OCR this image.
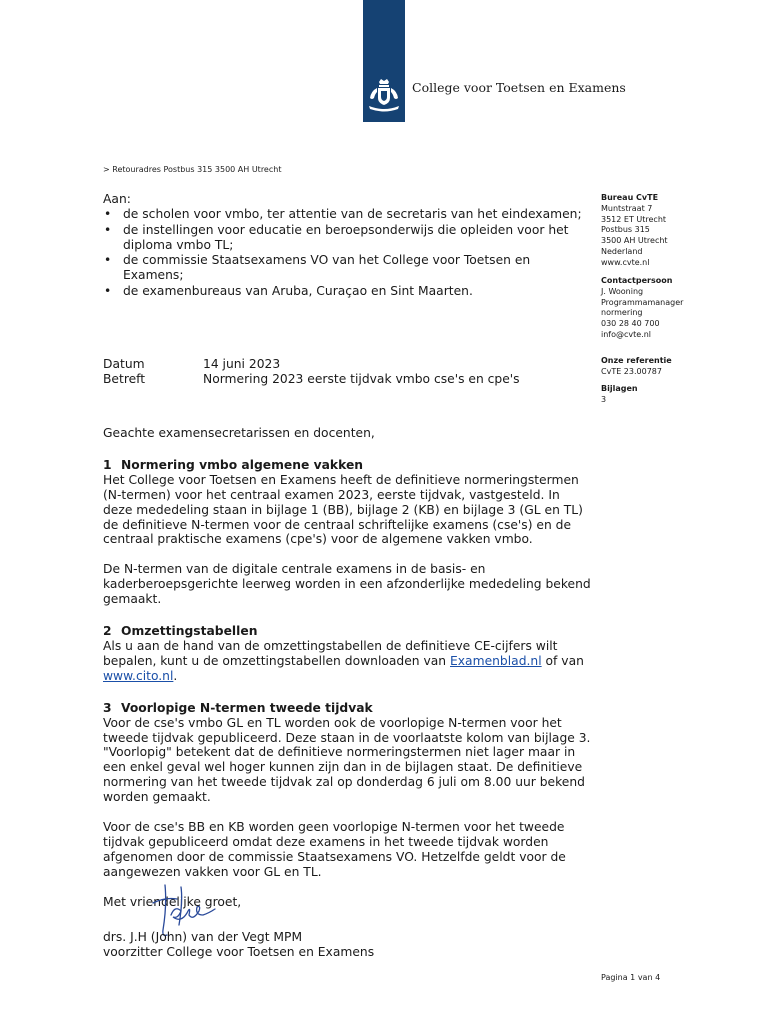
College voor Toetsen en Examens
> Retouradres Postbus 315 3500 AH Utrecht
Aan:
• de scholen voor vmbo, ter attentie van de secretaris van het eindexamen;
• de instellingen voor educatie en beroepsonderwijs die opleiden voor het diploma vmbo TL;
• de commissie Staatsexamens VO van het College voor Toetsen en Examens;
• de examenbureaus van Aruba, Curaçao en Sint Maarten.
Bureau CvTE
Muntstraat 7
3512 ET Utrecht
Postbus 315
3500 AH Utrecht
Nederland
www.cvte.nl
Contactpersoon
J. Wooning
Programmamanager
normering
030 28 40 700
info@cvte.nl
Onze referentie
CvTE 23.00787
Bijlagen
3
Datum	14 juni 2023
Betreft	Normering 2023 eerste tijdvak vmbo cse's en cpe's

Geachte examensecretarissen en docenten,

1 Normering vmbo algemene vakken

Het College voor Toetsen en Examens heeft de definitieve normeringstermen (N-termen) voor het centraal examen 2023, eerste tijdvak, vastgesteld. In deze mededeling staan in bijlage 1 (BB), bijlage 2 (KB) en bijlage 3 (GL en TL) de definitieve N-termen voor de centraal schriftelijke examens (cse's) en de centraal praktische examens (cpe's) voor de algemene vakken vmbo.

De N-termen van de digitale centrale examens in de basis- en kaderberoepsgerichte leerweg worden in een afzonderlijke mededeling bekend gemaakt.

2 Omzettingstabellen

Als u aan de hand van de omzettingstabellen de definitieve CE-cijfers wilt bepalen, kunt u de omzettingstabellen downloaden van Examenblad.nl of van www.cito.nl.

3 Voorlopige N-termen tweede tijdvak

Voor de cse's vmbo GL en TL worden ook de voorlopige N-termen voor het tweede tijdvak gepubliceerd. Deze staan in de voorlaatste kolom van bijlage 3. "Voorlopig" betekent dat de definitieve normeringstermen niet lager maar in een enkel geval wel hoger kunnen zijn dan in de bijlagen staat. De definitieve normering van het tweede tijdvak zal op donderdag 6 juli om 8.00 uur bekend worden gemaakt.

Voor de cse's BB en KB worden geen voorlopige N-termen voor het tweede tijdvak gepubliceerd omdat deze examens in het tweede tijdvak worden afgenomen door de commissie Staatsexamens VO. Hetzelfde geldt voor de aangewezen vakken voor GL en TL.

Met vriendelijke groet,

drs. J.H (John) van der Vegt MPM
voorzitter College voor Toetsen en Examens
Pagina 1 van 4
